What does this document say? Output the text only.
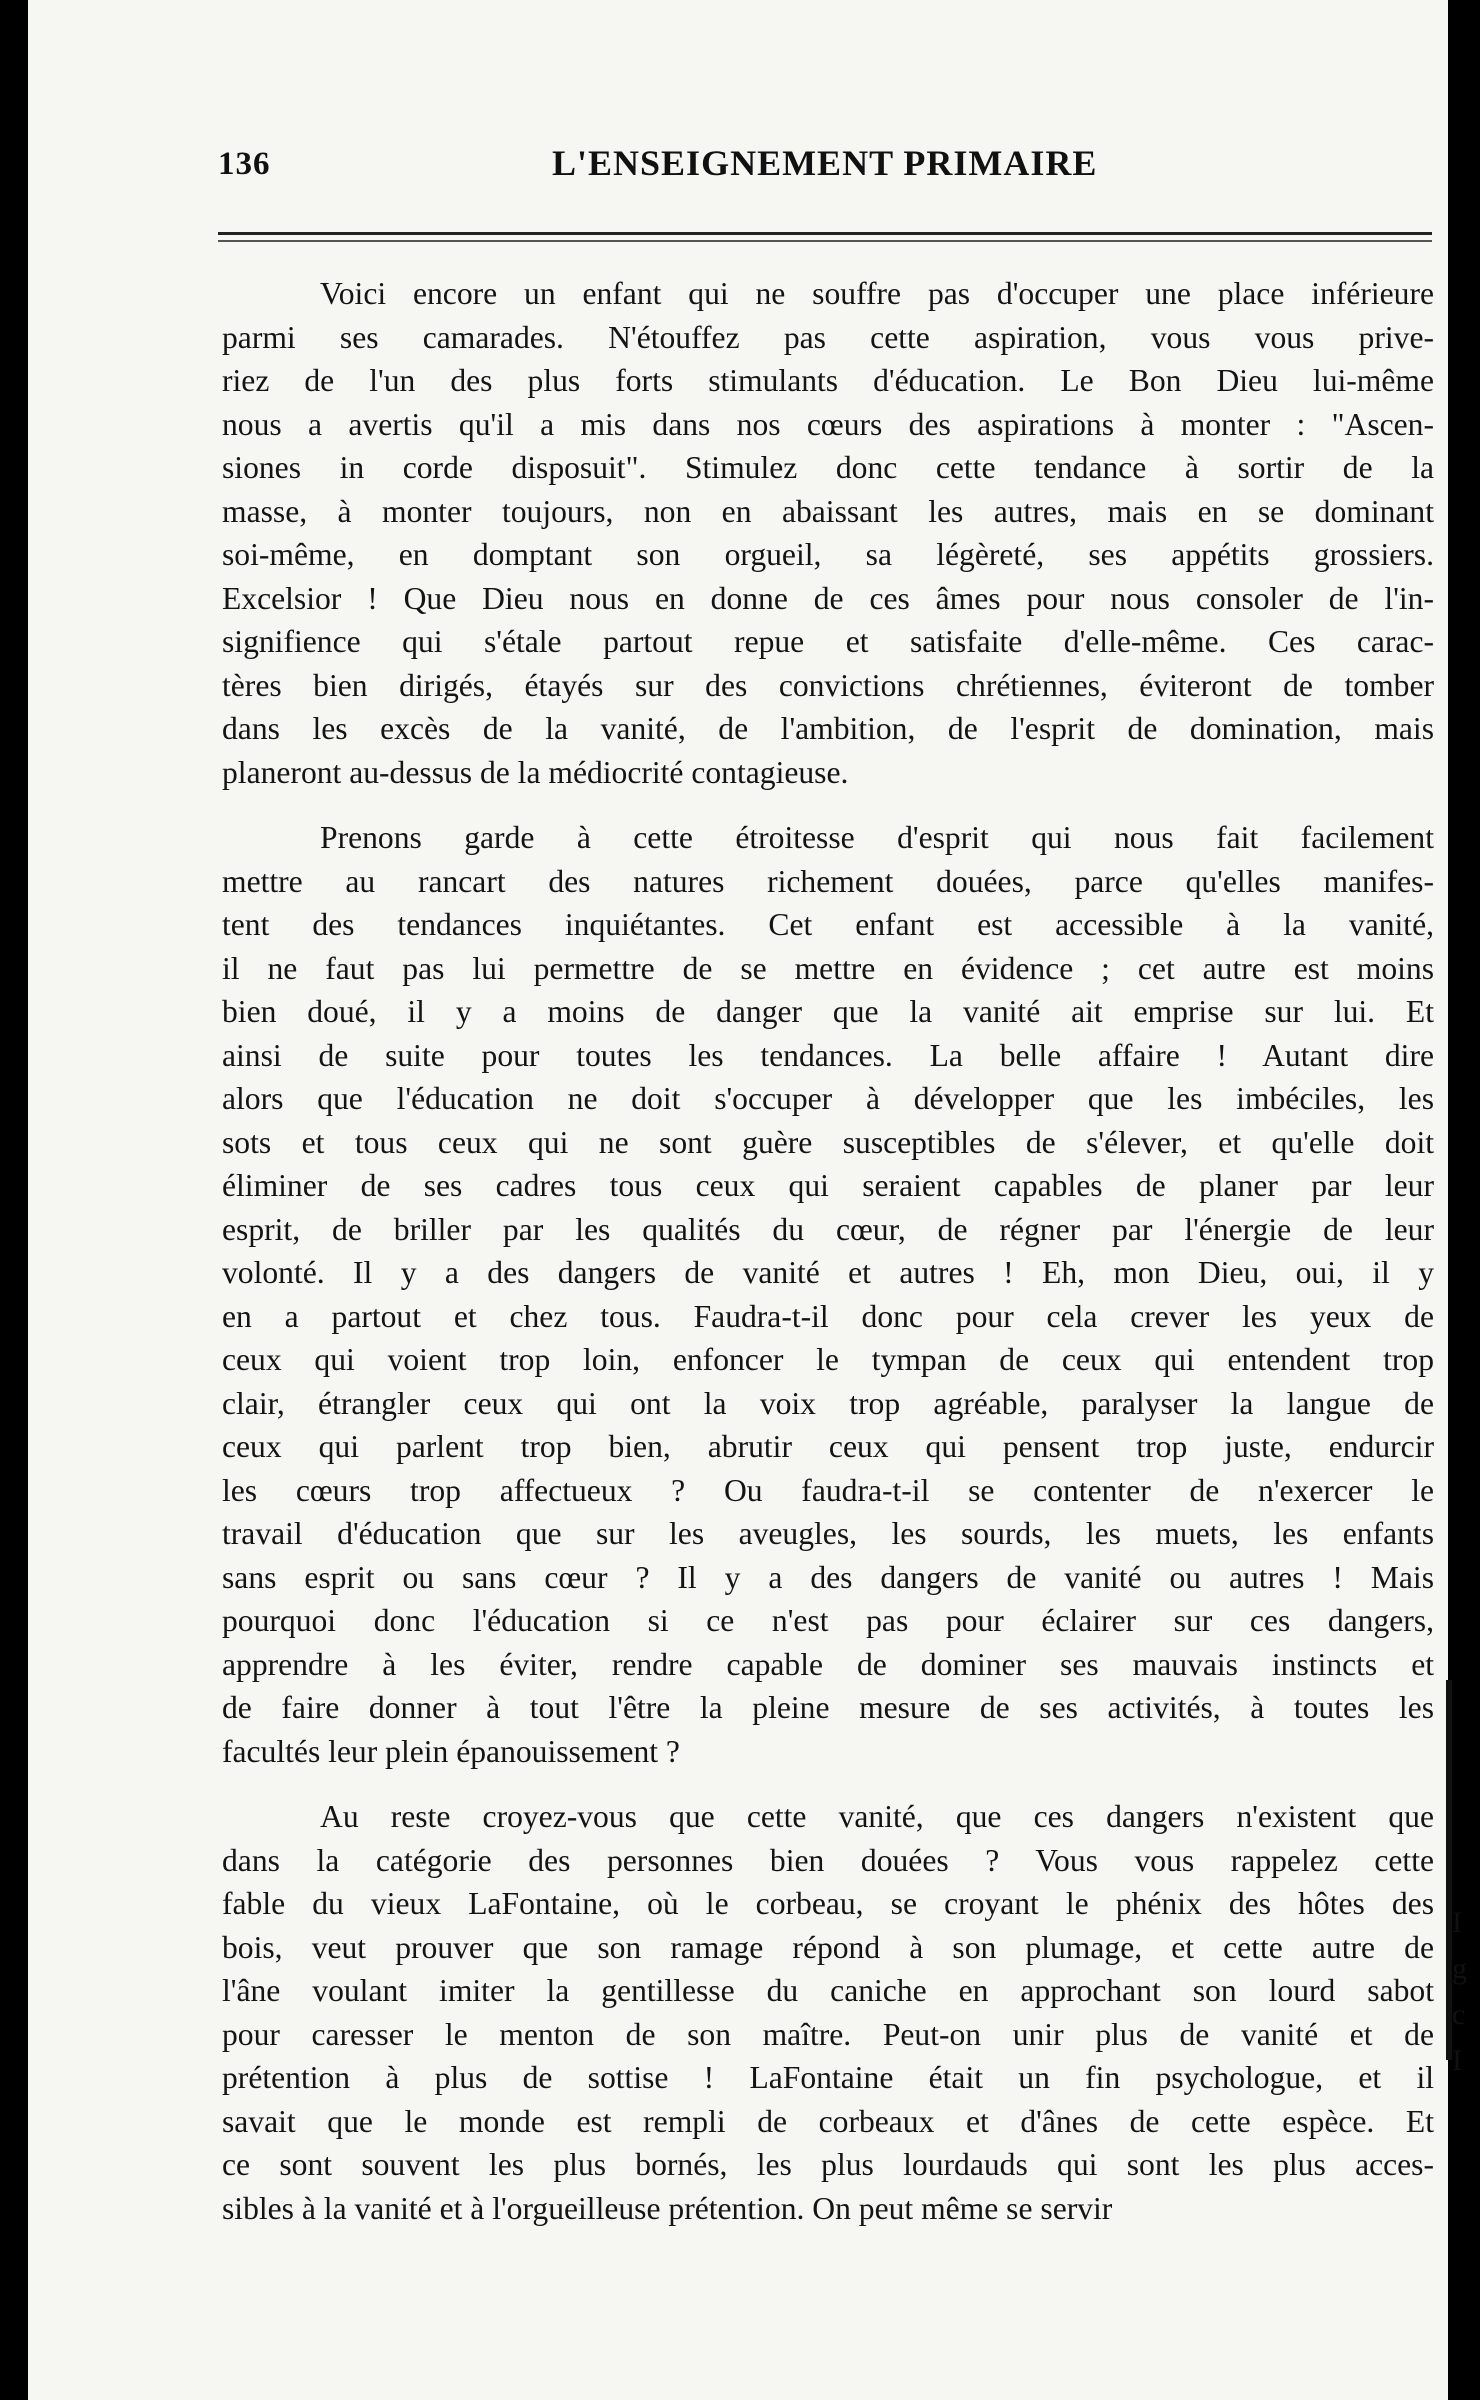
136	L'ENSEIGNEMENT PRIMAIRE
Voici encore un enfant qui ne souffre pas d'occuper une place inférieure
parmi ses camarades. N'étouffez pas cette aspiration, vous vous prive-
riez de l'un des plus forts stimulants d'éducation. Le Bon Dieu lui-même
nous a avertis qu'il a mis dans nos cœurs des aspirations à monter : "Ascen-
siones in corde disposuit". Stimulez donc cette tendance à sortir de la
masse, à monter toujours, non en abaissant les autres, mais en se dominant
soi-même, en domptant son orgueil, sa légèreté, ses appétits grossiers.
Excelsior ! Que Dieu nous en donne de ces âmes pour nous consoler de l'in-
signifience qui s'étale partout repue et satisfaite d'elle-même. Ces carac-
tères bien dirigés, étayés sur des convictions chrétiennes, éviteront de tomber
dans les excès de la vanité, de l'ambition, de l'esprit de domination, mais
planeront au-dessus de la médiocrité contagieuse.
Prenons garde à cette étroitesse d'esprit qui nous fait facilement
mettre au rancart des natures richement douées, parce qu'elles manifes-
tent des tendances inquiétantes. Cet enfant est accessible à la vanité,
il ne faut pas lui permettre de se mettre en évidence ; cet autre est moins
bien doué, il y a moins de danger que la vanité ait emprise sur lui. Et
ainsi de suite pour toutes les tendances. La belle affaire ! Autant dire
alors que l'éducation ne doit s'occuper à développer que les imbéciles, les
sots et tous ceux qui ne sont guère susceptibles de s'élever, et qu'elle doit
éliminer de ses cadres tous ceux qui seraient capables de planer par leur
esprit, de briller par les qualités du cœur, de régner par l'énergie de leur
volonté. Il y a des dangers de vanité et autres ! Eh, mon Dieu, oui, il y
en a partout et chez tous. Faudra-t-il donc pour cela crever les yeux de
ceux qui voient trop loin, enfoncer le tympan de ceux qui entendent trop
clair, étrangler ceux qui ont la voix trop agréable, paralyser la langue de
ceux qui parlent trop bien, abrutir ceux qui pensent trop juste, endurcir
les cœurs trop affectueux ? Ou faudra-t-il se contenter de n'exercer le
travail d'éducation que sur les aveugles, les sourds, les muets, les enfants
sans esprit ou sans cœur ? Il y a des dangers de vanité ou autres ! Mais
pourquoi donc l'éducation si ce n'est pas pour éclairer sur ces dangers,
apprendre à les éviter, rendre capable de dominer ses mauvais instincts et
de faire donner à tout l'être la pleine mesure de ses activités, à toutes les
facultés leur plein épanouissement ?
Au reste croyez-vous que cette vanité, que ces dangers n'existent que
dans la catégorie des personnes bien douées ? Vous vous rappelez cette
fable du vieux LaFontaine, où le corbeau, se croyant le phénix des hôtes des
bois, veut prouver que son ramage répond à son plumage, et cette autre de
l'âne voulant imiter la gentillesse du caniche en approchant son lourd sabot
pour caresser le menton de son maître. Peut-on unir plus de vanité et de
prétention à plus de sottise ! LaFontaine était un fin psychologue, et il
savait que le monde est rempli de corbeaux et d'ânes de cette espèce. Et
ce sont souvent les plus bornés, les plus lourdauds qui sont les plus acces-
sibles à la vanité et à l'orgueilleuse prétention. On peut même se servir
I
g
c
I
